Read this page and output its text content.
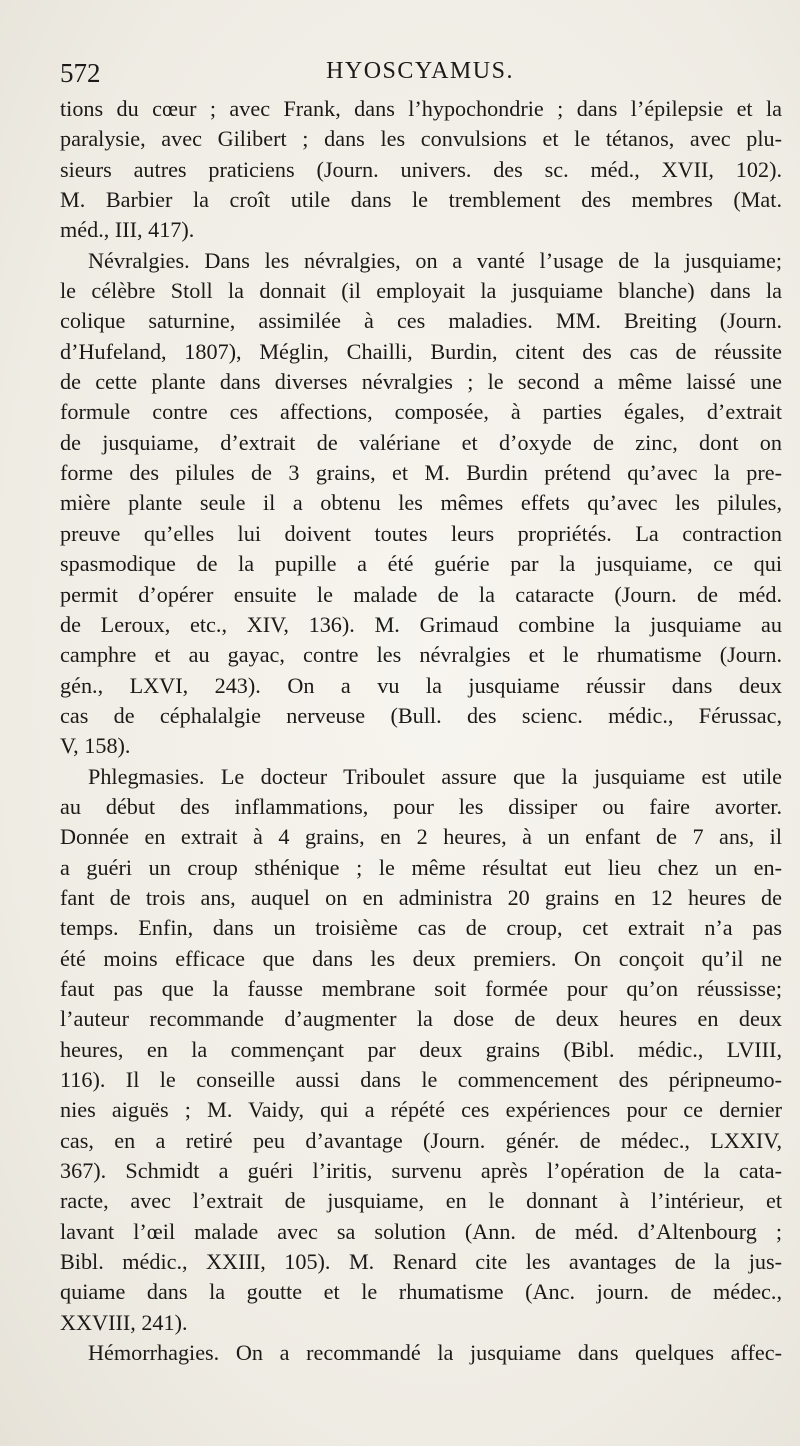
572	HYOSCYAMUS.
tions du cœur ; avec Frank, dans l’hypochondrie ; dans l’épilepsie et la
paralysie, avec Gilibert ; dans les convulsions et le tétanos, avec plu-
sieurs autres praticiens (Journ. univers. des sc. méd., XVII, 102).
M. Barbier la croît utile dans le tremblement des membres (Mat.
méd., III, 417).
Névralgies. Dans les névralgies, on a vanté l’usage de la jusquiame;
le célèbre Stoll la donnait (il employait la jusquiame blanche) dans la
colique saturnine, assimilée à ces maladies. MM. Breiting (Journ.
d’Hufeland, 1807), Méglin, Chailli, Burdin, citent des cas de réussite
de cette plante dans diverses névralgies ; le second a même laissé une
formule contre ces affections, composée, à parties égales, d’extrait
de jusquiame, d’extrait de valériane et d’oxyde de zinc, dont on
forme des pilules de 3 grains, et M. Burdin prétend qu’avec la pre-
mière plante seule il a obtenu les mêmes effets qu’avec les pilules,
preuve qu’elles lui doivent toutes leurs propriétés. La contraction
spasmodique de la pupille a été guérie par la jusquiame, ce qui
permit d’opérer ensuite le malade de la cataracte (Journ. de méd.
de Leroux, etc., XIV, 136). M. Grimaud combine la jusquiame au
camphre et au gayac, contre les névralgies et le rhumatisme (Journ.
gén., LXVI, 243). On a vu la jusquiame réussir dans deux
cas de céphalalgie nerveuse (Bull. des scienc. médic., Férussac,
V, 158).
Phlegmasies. Le docteur Triboulet assure que la jusquiame est utile
au début des inflammations, pour les dissiper ou faire avorter.
Donnée en extrait à 4 grains, en 2 heures, à un enfant de 7 ans, il
a guéri un croup sthénique ; le même résultat eut lieu chez un en-
fant de trois ans, auquel on en administra 20 grains en 12 heures de
temps. Enfin, dans un troisième cas de croup, cet extrait n’a pas
été moins efficace que dans les deux premiers. On conçoit qu’il ne
faut pas que la fausse membrane soit formée pour qu’on réussisse;
l’auteur recommande d’augmenter la dose de deux heures en deux
heures, en la commençant par deux grains (Bibl. médic., LVIII,
116). Il le conseille aussi dans le commencement des péripneumo-
nies aiguës ; M. Vaidy, qui a répété ces expériences pour ce dernier
cas, en a retiré peu d’avantage (Journ. génér. de médec., LXXIV,
367). Schmidt a guéri l’iritis, survenu après l’opération de la cata-
racte, avec l’extrait de jusquiame, en le donnant à l’intérieur, et
lavant l’œil malade avec sa solution (Ann. de méd. d’Altenbourg ;
Bibl. médic., XXIII, 105). M. Renard cite les avantages de la jus-
quiame dans la goutte et le rhumatisme (Anc. journ. de médec.,
XXVIII, 241).
Hémorrhagies. On a recommandé la jusquiame dans quelques affec-
